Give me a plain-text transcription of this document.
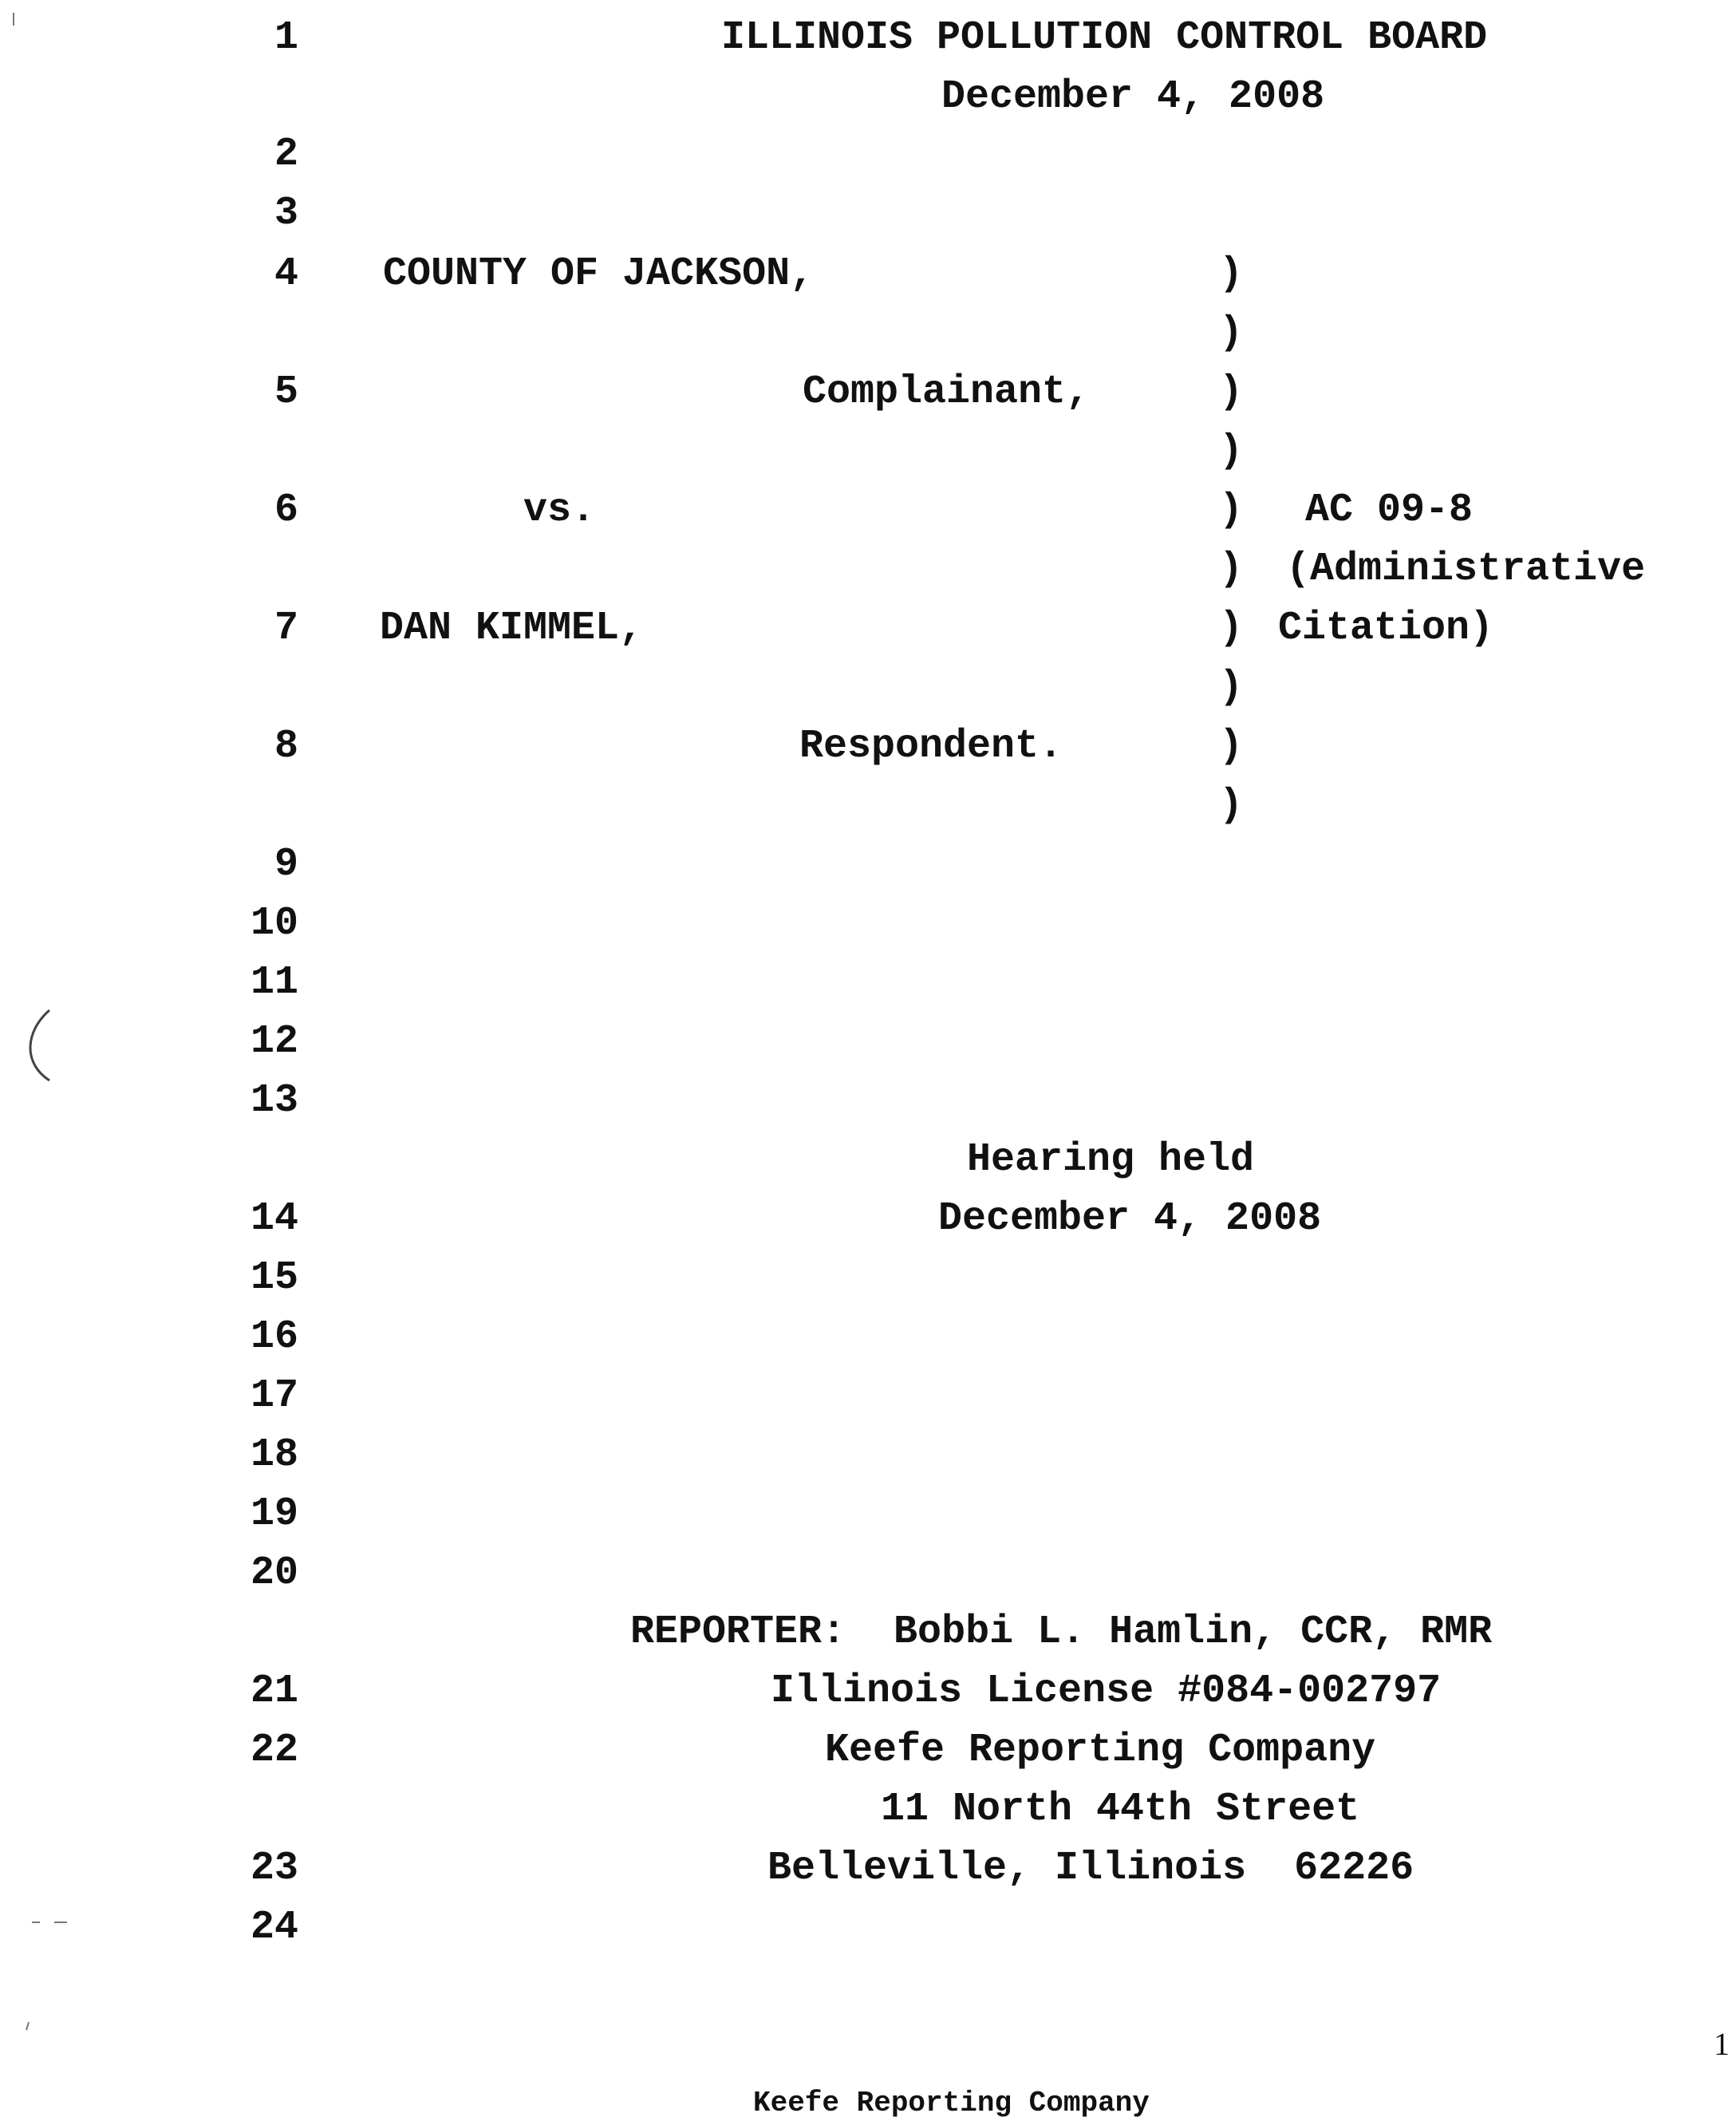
1
2
3
4
5
6
7
8
9
10
11
12
13
14
15
16
17
18
19
20
21
22
23
24
ILLINOIS POLLUTION CONTROL BOARD
December 4, 2008
COUNTY OF JACKSON,
Complainant,
vs.
DAN KIMMEL,
Respondent.
)
)
)
)
)
)
)
)
)
)
AC 09-8
(Administrative
Citation)
Hearing held
December 4, 2008
REPORTER:  Bobbi L. Hamlin, CCR, RMR
Illinois License #084-002797
Keefe Reporting Company
11 North 44th Street
Belleville, Illinois  62226
1
Keefe Reporting Company
